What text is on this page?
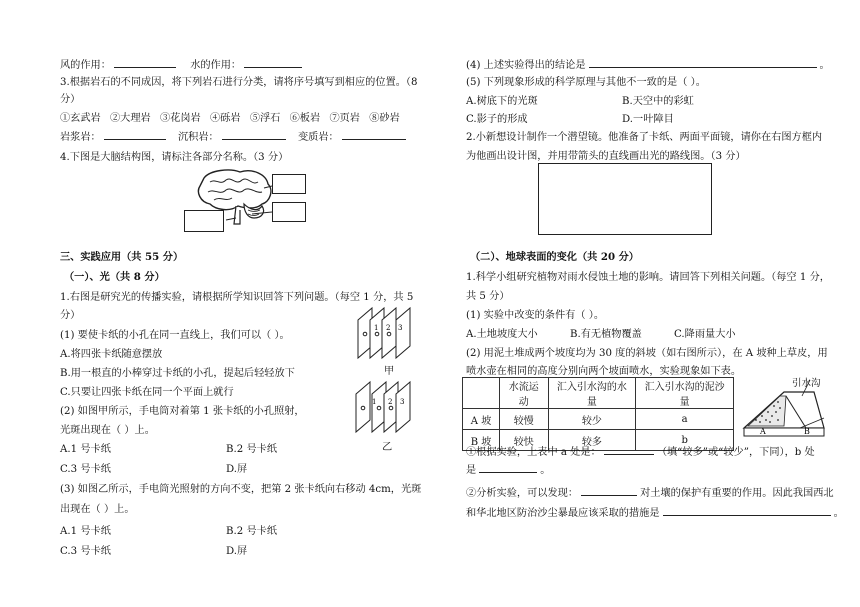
风的作用：	水的作用：
3.根据岩石的不同成因，将下列岩石进行分类，请将序号填写到相应的位置。（8
分）
①玄武岩 ②大理岩 ③花岗岩 ④砾岩 ⑤浮石 ⑥板岩 ⑦页岩 ⑧砂岩
岩浆岩：	沉积岩：	变质岩：
4.下图是大脑结构图，请标注各部分名称。（3 分）
三、实践应用（共 55 分）
（一）、光（共 8 分）
1.右图是研究光的传播实验，请根据所学知识回答下列问题。（每空 1 分，共 5
分）
(1) 要使卡纸的小孔在同一直线上，我们可以（ ）。
A.将四张卡纸随意摆放
B.用一根直的小棒穿过卡纸的小孔，提起后轻轻放下
C.只要让四张卡纸在同一个平面上就行
(2) 如图甲所示，手电筒对着第 1 张卡纸的小孔照射，
光斑出现在（ ）上。
A.1 号卡纸	B.2 号卡纸
C.3 号卡纸	D.屏
(3) 如图乙所示，手电筒光照射的方向不变，把第 2 张卡纸向右移动 4cm，光斑
出现在（ ）上。
A.1 号卡纸	B.2 号卡纸
C.3 号卡纸	D.屏
1 2 3
甲
1 2 3
乙
(4) 上述实验得出的结论是	。
(5) 下列现象形成的科学原理与其他不一致的是（ ）。
A.树底下的光斑	B.天空中的彩虹
C.影子的形成	D.一叶障目
2.小新想设计制作一个潜望镜。他准备了卡纸、两面平面镜，请你在右图方框内
为他画出设计图，并用带箭头的直线画出光的路线图。（3 分）
（二）、地球表面的变化（共 20 分）
1.科学小组研究植物对雨水侵蚀土地的影响。请回答下列相关问题。（每空 1 分，
共 5 分）
(1) 实验中改变的条件有（ ）。
A.土地坡度大小	B.有无植物覆盖	C.降雨量大小
(2) 用泥土堆成两个坡度均为 30 度的斜坡（如右图所示），在 A 坡种上草皮，用
喷水壶在相同的高度分别向两个坡面喷水，实验现象如下表。
	水流运动	汇入引水沟的水量	汇入引水沟的泥沙量
A 坡	较慢	较少	a
B 坡	较快	较多	b
A	B
引水沟
①根据实验，上表中 a 处是：	（填“较多”或“较少”，下同），b 处
是	。
②分析实验，可以发现：	对土壤的保护有重要的作用。因此我国西北
和华北地区防治沙尘暴最应该采取的措施是	。
